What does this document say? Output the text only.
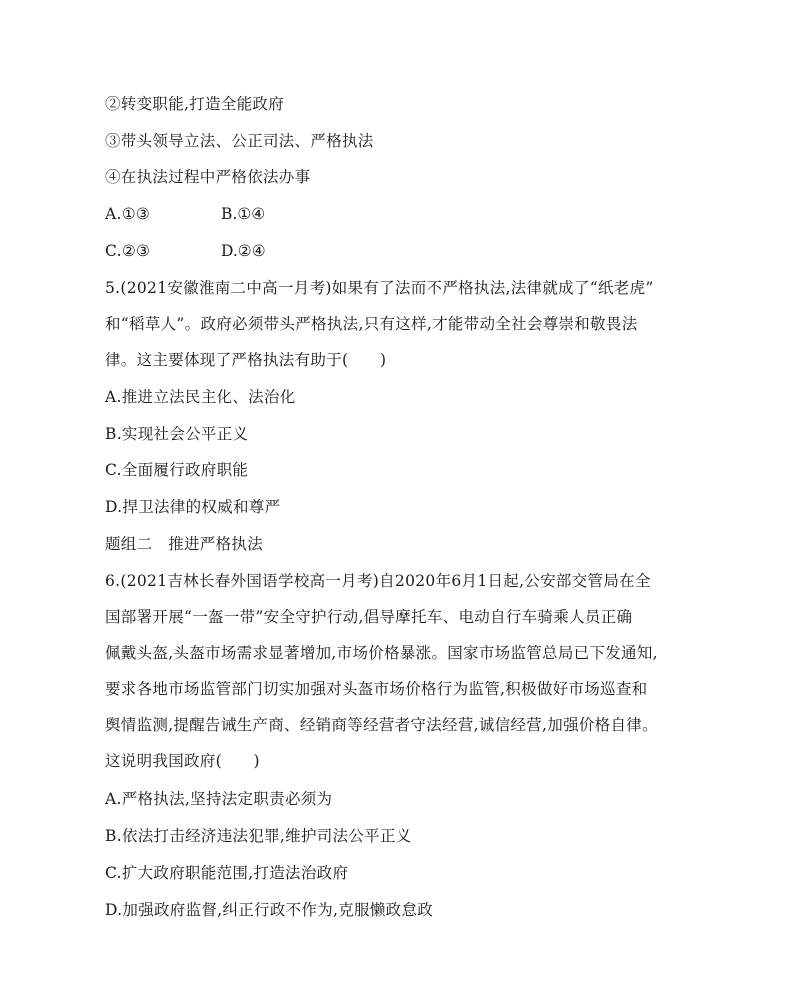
②转变职能,打造全能政府
③带头领导立法、公正司法、严格执法
④在执法过程中严格依法办事
A.①③	B.①④
C.②③	D.②④
5.(2021安徽淮南二中高一月考)如果有了法而不严格执法,法律就成了“纸老虎”
和“稻草人”。政府必须带头严格执法,只有这样,才能带动全社会尊崇和敬畏法
律。这主要体现了严格执法有助于(　　)
A.推进立法民主化、法治化
B.实现社会公平正义
C.全面履行政府职能
D.捍卫法律的权威和尊严
题组二　推进严格执法
6.(2021吉林长春外国语学校高一月考)自2020年6月1日起,公安部交管局在全
国部署开展“一盔一带”安全守护行动,倡导摩托车、电动自行车骑乘人员正确
佩戴头盔,头盔市场需求显著增加,市场价格暴涨。国家市场监管总局已下发通知,
要求各地市场监管部门切实加强对头盔市场价格行为监管,积极做好市场巡查和
舆情监测,提醒告诫生产商、经销商等经营者守法经营,诚信经营,加强价格自律。
这说明我国政府(　　)
A.严格执法,坚持法定职责必须为
B.依法打击经济违法犯罪,维护司法公平正义
C.扩大政府职能范围,打造法治政府
D.加强政府监督,纠正行政不作为,克服懒政怠政
